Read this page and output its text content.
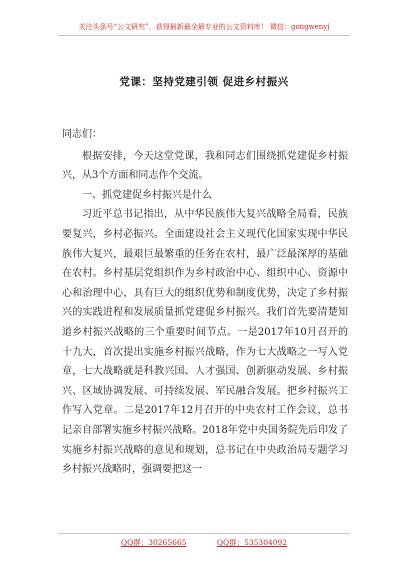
关注头条号“公文研究”，获得最新最全最专业的公文资料库！ 微信：gongwenyj
党课：坚持党建引领 促进乡村振兴

同志们：

根据安排，今天这堂党课，我和同志们围绕抓党建促乡村振兴，从3个方面和同志作个交流。

一、抓党建促乡村振兴是什么

习近平总书记指出，从中华民族伟大复兴战略全局看，民族要复兴，乡村必振兴。全面建设社会主义现代化国家实现中华民族伟大复兴，最艰巨最繁重的任务在农村，最广泛最深厚的基础在农村。乡村基层党组织作为乡村政治中心、组织中心、资源中心和治理中心，具有巨大的组织优势和制度优势，决定了乡村振兴的实践进程和发展质量抓党建促乡村振兴。我们首先要清楚知道乡村振兴战略的三个重要时间节点。一是2017年10月召开的十九大，首次提出实施乡村振兴战略，作为七大战略之一写入党章，七大战略就是科教兴国、人才强国、创新驱动发展、乡村振兴、区域协调发展、可持续发展、军民融合发展。把乡村振兴工作写入党章。二是2017年12月召开的中央农村工作会议，总书记亲自部署实施乡村振兴战略。2018年党中央国务院先后印发了实施乡村振兴战略的意见和规划，总书记在中央政治局专题学习乡村振兴战略时，强调要把这一

QQ群：30265665	QQ群：535304092
